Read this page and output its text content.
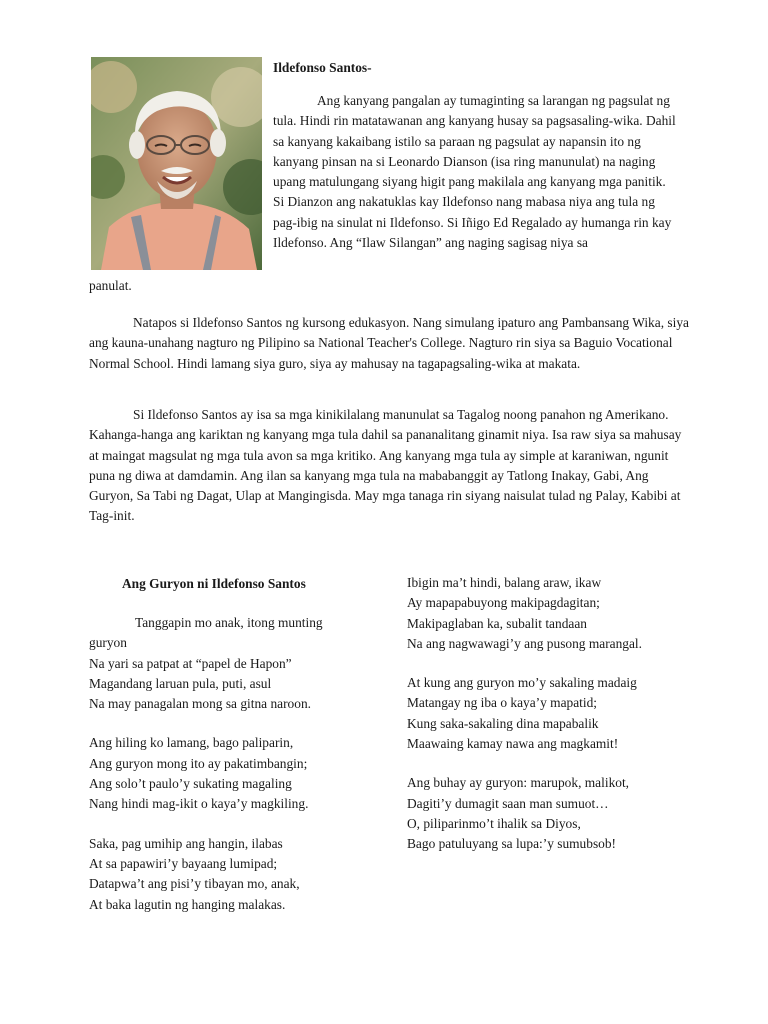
Ildefonso Santos-

Ang kanyang pangalan ay tumaginting sa larangan ng pagsulat ng tula. Hindi rin matatawanan ang kanyang husay sa pagsasaling-wika. Dahil sa kanyang kakaibang istilo sa paraan ng pagsulat ay napansin ito ng kanyang pinsan na si Leonardo Dianson (isa ring manunulat) na naging upang matulungang siyang higit pang makilala ang kanyang mga panitik. Si Dianzon ang nakatuklas kay Ildefonso nang mabasa niya ang tula ng pag-ibig na sinulat ni Ildefonso. Si Iñigo Ed Regalado ay humanga rin kay Ildefonso. Ang “Ilaw Silangan” ang naging sagisag niya sa

panulat.

Natapos si Ildefonso Santos ng kursong edukasyon. Nang simulang ipaturo ang Pambansang Wika, siya ang kauna-unahang nagturo ng Pilipino sa National Teacher's College. Nagturo rin siya sa Baguio Vocational Normal School. Hindi lamang siya guro, siya ay mahusay na tagapagsaling-wika at makata.

Si Ildefonso Santos ay isa sa mga kinikilalang manunulat sa Tagalog noong panahon ng Amerikano. Kahanga-hanga ang kariktan ng kanyang mga tula dahil sa pananalitang ginamit niya. Isa raw siya sa mahusay at maingat magsulat ng mga tula avon sa mga kritiko. Ang kanyang mga tula ay simple at karaniwan, ngunit puna ng diwa at damdamin. Ang ilan sa kanyang mga tula na mababanggit ay Tatlong Inakay, Gabi, Ang Guryon, Sa Tabi ng Dagat, Ulap at Mangingisda. May mga tanaga rin siyang naisulat tulad ng Palay, Kabibi at Tag-init.

Ang Guryon ni Ildefonso Santos
Tanggapin mo anak, itong munting
guryon
Na yari sa patpat at “papel de Hapon”
Magandang laruan pula, puti, asul
Na may panagalan mong sa gitna naroon.
Ang hiling ko lamang, bago paliparin,
Ang guryon mong ito ay pakatimbangin;
Ang solo’t paulo’y sukating magaling
Nang hindi mag-ikit o kaya’y magkiling.
Saka, pag umihip ang hangin, ilabas
At sa papawiri’y bayaang lumipad;
Datapwa’t ang pisi’y tibayan mo, anak,
At baka lagutin ng hanging malakas.
Ibigin ma’t hindi, balang araw, ikaw
Ay mapapabuyong makipagdagitan;
Makipaglaban ka, subalit tandaan
Na ang nagwawagi’y ang pusong marangal.
At kung ang guryon mo’y sakaling madaig
Matangay ng iba o kaya’y mapatid;
Kung saka-sakaling dina mapabalik
Maawaing kamay nawa ang magkamit!
Ang buhay ay guryon: marupok, malikot,
Dagiti’y dumagit saan man sumuot…
O, piliparinmo’t ihalik sa Diyos,
Bago patuluyang sa lupa:’y sumubsob!
